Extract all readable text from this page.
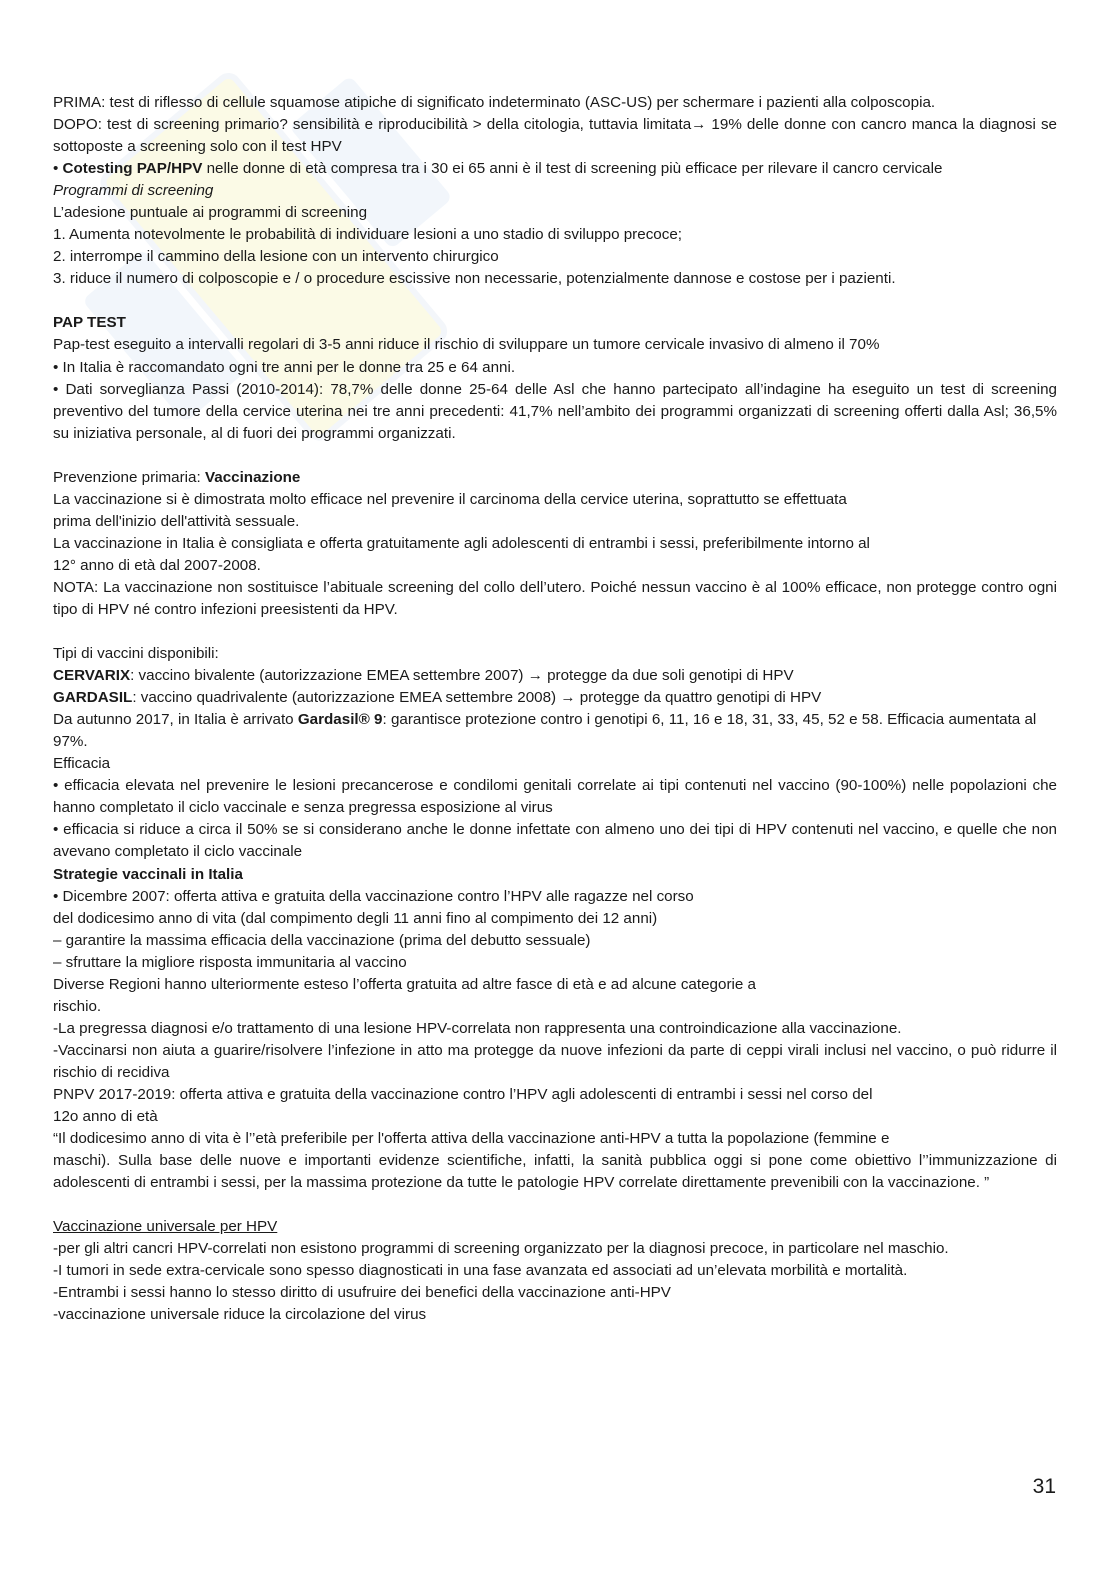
PRIMA: test di riflesso di cellule squamose atipiche di significato indeterminato (ASC-US) per schermare i pazienti alla colposcopia.

DOPO: test di screening primario? sensibilità e riproducibilità > della citologia, tuttavia limitata→ 19% delle donne con cancro manca la diagnosi se sottoposte a screening solo con il test HPV

• Cotesting PAP/HPV nelle donne di età compresa tra i 30 ei 65 anni è il test di screening più efficace per rilevare il cancro cervicale

Programmi di screening

L’adesione puntuale ai programmi di screening

1. Aumenta notevolmente le probabilità di individuare lesioni a uno stadio di sviluppo precoce;

2. interrompe il cammino della lesione con un intervento chirurgico

3. riduce il numero di colposcopie e / o procedure escissive non necessarie, potenzialmente dannose e costose per i pazienti.

PAP TEST

Pap-test eseguito a intervalli regolari di 3-5 anni riduce il rischio di sviluppare un tumore cervicale invasivo di almeno il 70%

• In Italia è raccomandato ogni tre anni per le donne tra 25 e 64 anni.

• Dati sorveglianza Passi (2010-2014): 78,7% delle donne 25-64 delle Asl che hanno partecipato all’indagine ha eseguito un test di screening preventivo del tumore della cervice uterina nei tre anni precedenti: 41,7% nell’ambito dei programmi organizzati di screening offerti dalla Asl; 36,5% su iniziativa personale, al di fuori dei programmi organizzati.

Prevenzione primaria: Vaccinazione

La vaccinazione si è dimostrata molto efficace nel prevenire il carcinoma della cervice uterina, soprattutto se effettuata

prima dell'inizio dell'attività sessuale.

La vaccinazione in Italia è consigliata e offerta gratuitamente agli adolescenti di entrambi i sessi, preferibilmente intorno al

12° anno di età dal 2007-2008.

NOTA: La vaccinazione non sostituisce l’abituale screening del collo dell’utero. Poiché nessun vaccino è al 100% efficace, non protegge contro ogni tipo di HPV né contro infezioni preesistenti da HPV.

Tipi di vaccini disponibili:

CERVARIX: vaccino bivalente (autorizzazione EMEA settembre 2007) → protegge da due soli genotipi di HPV

GARDASIL: vaccino quadrivalente (autorizzazione EMEA settembre 2008) → protegge da quattro genotipi di HPV

Da autunno 2017, in Italia è arrivato Gardasil® 9: garantisce protezione contro i genotipi 6, 11, 16 e 18, 31, 33, 45, 52 e 58. Efficacia aumentata al 97%.

Efficacia

• efficacia elevata nel prevenire le lesioni precancerose e condilomi genitali correlate ai tipi contenuti nel vaccino (90-100%) nelle popolazioni che hanno completato il ciclo vaccinale e senza pregressa esposizione al virus

• efficacia si riduce a circa il 50% se si considerano anche le donne infettate con almeno uno dei tipi di HPV contenuti nel vaccino, e quelle che non avevano completato il ciclo vaccinale

Strategie vaccinali in Italia

• Dicembre 2007: offerta attiva e gratuita della vaccinazione contro l’HPV alle ragazze nel corso

del dodicesimo anno di vita (dal compimento degli 11 anni fino al compimento dei 12 anni)

– garantire la massima efficacia della vaccinazione (prima del debutto sessuale)

– sfruttare la migliore risposta immunitaria al vaccino

Diverse Regioni hanno ulteriormente esteso l’offerta gratuita ad altre fasce di età e ad alcune categorie a

rischio.

-La pregressa diagnosi e/o trattamento di una lesione HPV-correlata non rappresenta una controindicazione alla vaccinazione.

-Vaccinarsi non aiuta a guarire/risolvere l’infezione in atto ma protegge da nuove infezioni da parte di ceppi virali inclusi nel vaccino, o può ridurre il rischio di recidiva

PNPV 2017-2019: offerta attiva e gratuita della vaccinazione contro l’HPV agli adolescenti di entrambi i sessi nel corso del

12o anno di età

“Il dodicesimo anno di vita è l’’età preferibile per l'offerta attiva della vaccinazione anti-HPV a tutta la popolazione (femmine e

maschi). Sulla base delle nuove e importanti evidenze scientifiche, infatti, la sanità pubblica oggi si pone come obiettivo l’’immunizzazione di adolescenti di entrambi i sessi, per la massima protezione da tutte le patologie HPV correlate direttamente prevenibili con la vaccinazione. ”

Vaccinazione universale per HPV

-per gli altri cancri HPV-correlati non esistono programmi di screening organizzato per la diagnosi precoce, in particolare nel maschio.

-I tumori in sede extra-cervicale sono spesso diagnosticati in una fase avanzata ed associati ad un’elevata morbilità e mortalità.

-Entrambi i sessi hanno lo stesso diritto di usufruire dei benefici della vaccinazione anti-HPV

-vaccinazione universale riduce la circolazione del virus

31
